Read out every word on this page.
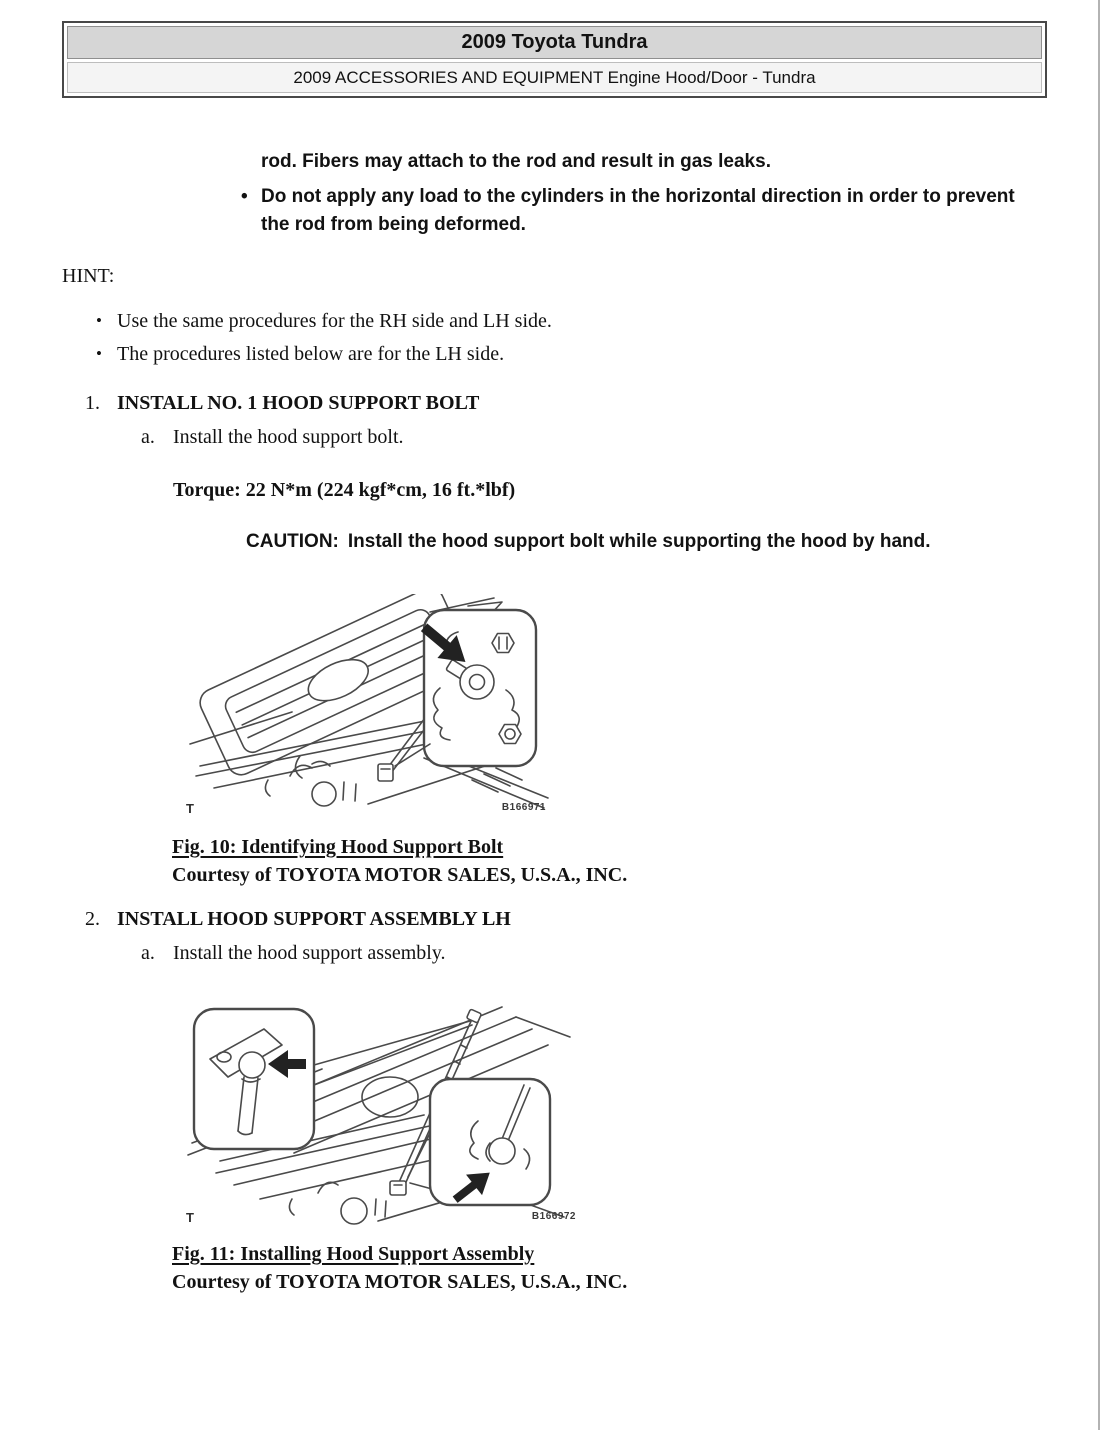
2009 Toyota Tundra
2009 ACCESSORIES AND EQUIPMENT Engine Hood/Door - Tundra
rod. Fibers may attach to the rod and result in gas leaks.
• Do not apply any load to the cylinders in the horizontal direction in order to prevent the rod from being deformed.
HINT:
• Use the same procedures for the RH side and LH side.
• The procedures listed below are for the LH side.
1. INSTALL NO. 1 HOOD SUPPORT BOLT
a. Install the hood support bolt.
Torque: 22 N*m (224 kgf*cm, 16 ft.*lbf)
CAUTION: Install the hood support bolt while supporting the hood by hand.
T	B166971
Fig. 10: Identifying Hood Support Bolt
Courtesy of TOYOTA MOTOR SALES, U.S.A., INC.
2. INSTALL HOOD SUPPORT ASSEMBLY LH
a. Install the hood support assembly.
T	B166972
Fig. 11: Installing Hood Support Assembly
Courtesy of TOYOTA MOTOR SALES, U.S.A., INC.
